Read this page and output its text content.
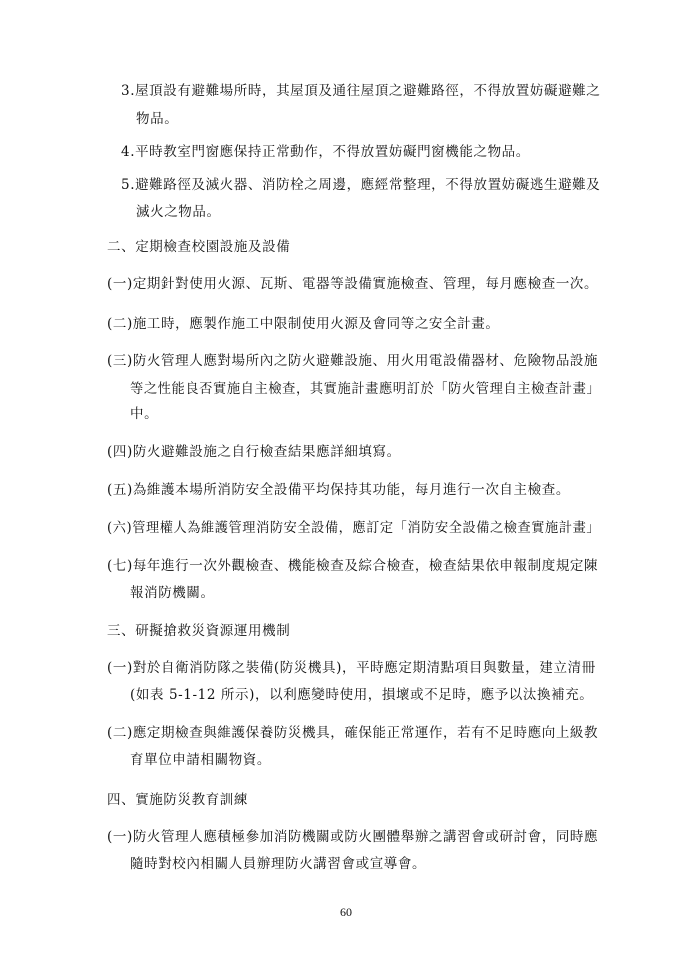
3.屋頂設有避難場所時，其屋頂及通往屋頂之避難路徑，不得放置妨礙避難之
物品。
4.平時教室門窗應保持正常動作，不得放置妨礙門窗機能之物品。
5.避難路徑及滅火器、消防栓之周邊，應經常整理，不得放置妨礙逃生避難及
滅火之物品。
二、定期檢查校園設施及設備
(一)定期針對使用火源、瓦斯、電器等設備實施檢查、管理，每月應檢查一次。
(二)施工時，應製作施工中限制使用火源及會同等之安全計畫。
(三)防火管理人應對場所內之防火避難設施、用火用電設備器材、危險物品設施
等之性能良否實施自主檢查，其實施計畫應明訂於「防火管理自主檢查計畫」
中。
(四)防火避難設施之自行檢查結果應詳細填寫。
(五)為維護本場所消防安全設備平均保持其功能，每月進行一次自主檢查。
(六)管理權人為維護管理消防安全設備，應訂定「消防安全設備之檢查實施計畫」
(七)每年進行一次外觀檢查、機能檢查及綜合檢查，檢查結果依申報制度規定陳
報消防機關。
三、研擬搶救災資源運用機制
(一)對於自衛消防隊之裝備(防災機具)，平時應定期清點項目與數量，建立清冊
(如表 5-1-12 所示)，以利應變時使用，損壞或不足時，應予以汰換補充。
(二)應定期檢查與維護保養防災機具，確保能正常運作，若有不足時應向上級教
育單位申請相關物資。
四、實施防災教育訓練
(一)防火管理人應積極參加消防機關或防火團體舉辦之講習會或研討會，同時應
隨時對校內相關人員辦理防火講習會或宣導會。
60
